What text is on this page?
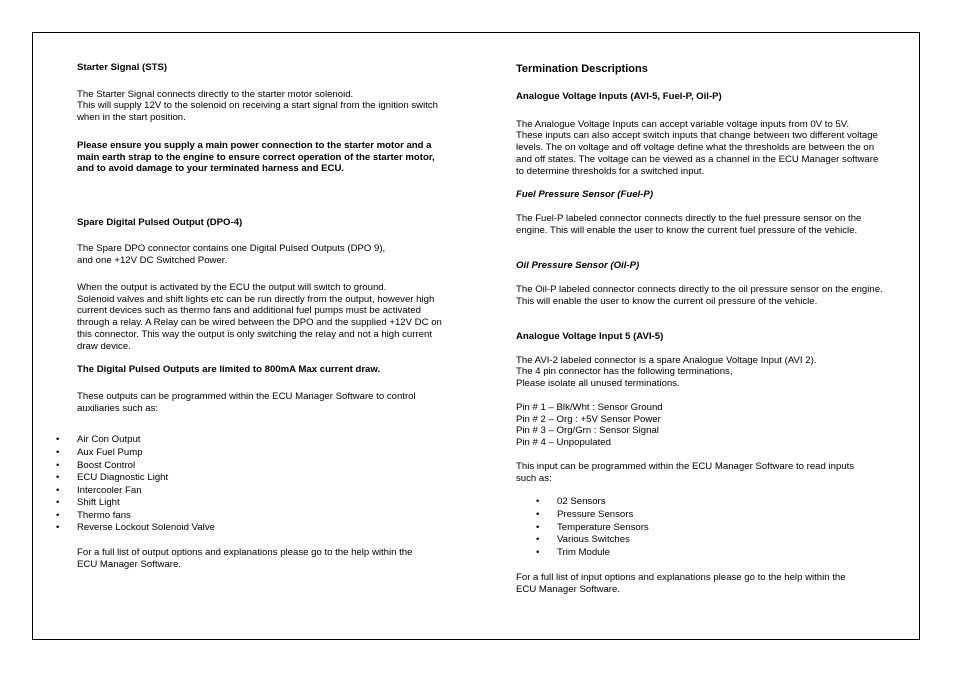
Starter Signal (STS)

The Starter Signal connects directly to the starter motor solenoid.

This will supply 12V to the solenoid on receiving a start signal from the ignition switch

when in the start position.

Please ensure you supply a main power connection to the starter motor and a

main earth strap to the engine to ensure correct operation of the starter motor,

and to avoid damage to your terminated harness and ECU.

Spare Digital Pulsed Output (DPO-4)

The Spare DPO connector contains one Digital Pulsed Outputs (DPO 9),

and one +12V DC Switched Power.

When the output is activated by the ECU the output will switch to ground.

Solenoid valves and shift lights etc can be run directly from the output, however high

current devices such as thermo fans and additional fuel pumps must be activated

through a relay. A Relay can be wired between the DPO and the supplied +12V DC on

this connector. This way the output is only switching the relay and not a high current

draw device.

The Digital Pulsed Outputs are limited to 800mA Max current draw.

These outputs can be programmed within the ECU Manager Software to control

auxiliaries such as:

• Air Con Output
• Aux Fuel Pump
• Boost Control
• ECU Diagnostic Light
• Intercooler Fan
• Shift Light
• Thermo fans
• Reverse Lockout Solenoid Valve

For a full list of output options and explanations please go to the help within the

ECU Manager Software.

Termination Descriptions

Analogue Voltage Inputs (AVI-5, Fuel-P, Oil-P)

The Analogue Voltage Inputs can accept variable voltage inputs from 0V to 5V.

These inputs can also accept switch inputs that change between two different voltage

levels. The on voltage and off voltage define what the thresholds are between the on

and off states. The voltage can be viewed as a channel in the ECU Manager software

to determine thresholds for a switched input.

Fuel Pressure Sensor (Fuel-P)

The Fuel-P labeled connector connects directly to the fuel pressure sensor on the

engine. This will enable the user to know the current fuel pressure of the vehicle.

Oil Pressure Sensor (Oil-P)

The Oil-P labeled connector connects directly to the oil pressure sensor on the engine.

This will enable the user to know the current oil pressure of the vehicle.

Analogue Voltage Input 5 (AVI-5)

The AVI-2 labeled connector is a spare Analogue Voltage Input (AVI 2).

The 4 pin connector has the following terminations,

Please isolate all unused terminations.

Pin # 1 – Blk/Wht : Sensor Ground

Pin # 2 – Org : +5V Sensor Power

Pin # 3 – Org/Grn : Sensor Signal

Pin # 4 – Unpopulated

This input can be programmed within the ECU Manager Software to read inputs

such as:

• 02 Sensors
• Pressure Sensors
• Temperature Sensors
• Various Switches
• Trim Module

For a full list of input options and explanations please go to the help within the

ECU Manager Software.
